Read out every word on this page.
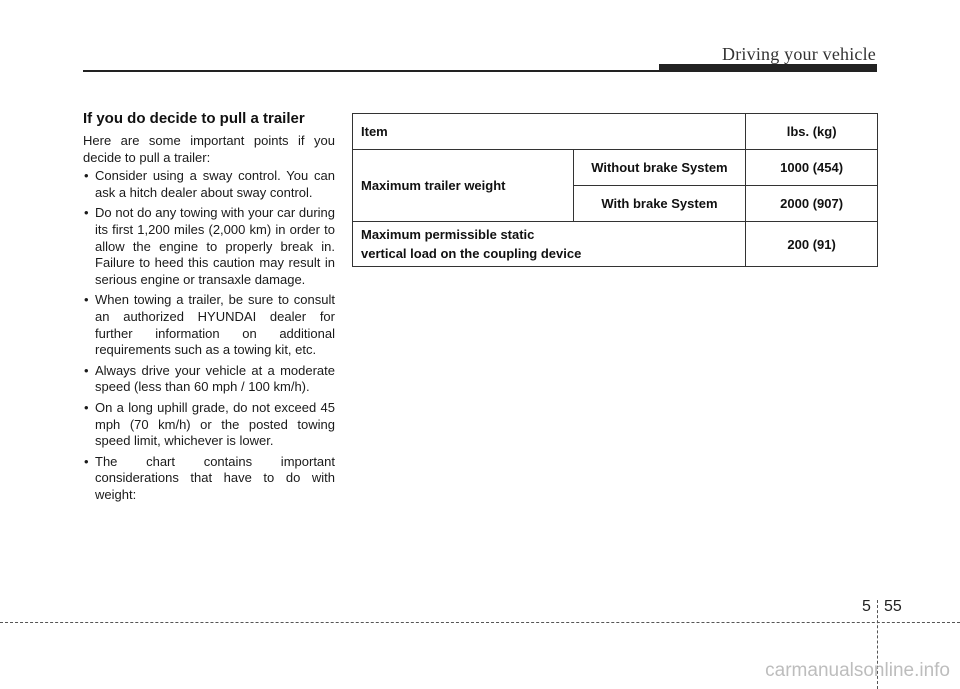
Driving your vehicle
If you do decide to pull a trailer

Here are some important points if you decide to pull a trailer:

• Consider using a sway control. You can ask a hitch dealer about sway control.
• Do not do any towing with your car during its first 1,200 miles (2,000 km) in order to allow the engine to properly break in. Failure to heed this caution may result in serious engine or transaxle damage.
• When towing a trailer, be sure to consult an authorized HYUNDAI dealer for further information on additional requirements such as a towing kit, etc.
• Always drive your vehicle at a moderate speed (less than 60 mph / 100 km/h).
• On a long uphill grade, do not exceed 45 mph (70 km/h) or the posted towing speed limit, whichever is lower.
• The chart contains important considerations that have to do with weight:
Item		lbs. (kg)
Maximum trailer weight	Without brake System	1000 (454)
	With brake System	2000 (907)

Maximum permissible static
vertical load on the coupling device		200 (91)
5 55
carmanualsonline.info
